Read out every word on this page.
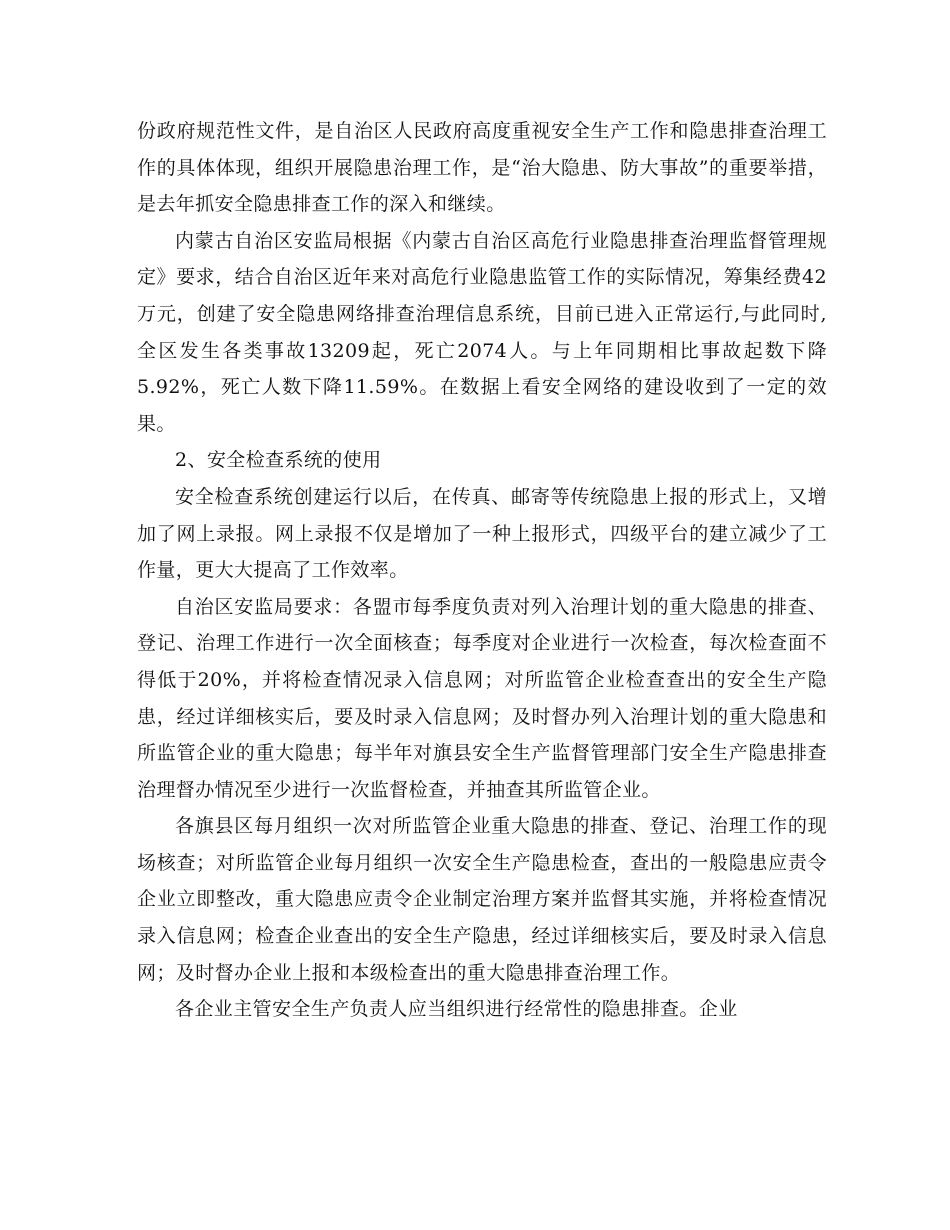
份政府规范性文件，是自治区人民政府高度重视安全生产工作和隐患排查治理工作的具体体现，组织开展隐患治理工作，是“治大隐患、防大事故”的重要举措，是去年抓安全隐患排查工作的深入和继续。

内蒙古自治区安监局根据《内蒙古自治区高危行业隐患排查治理监督管理规定》要求，结合自治区近年来对高危行业隐患监管工作的实际情况，筹集经费42万元，创建了安全隐患网络排查治理信息系统，目前已进入正常运行,与此同时,全区发生各类事故13209起，死亡2074人。与上年同期相比事故起数下降5.92%，死亡人数下降11.59%。在数据上看安全网络的建设收到了一定的效果。

2、安全检查系统的使用

安全检查系统创建运行以后，在传真、邮寄等传统隐患上报的形式上，又增加了网上录报。网上录报不仅是增加了一种上报形式，四级平台的建立减少了工作量，更大大提高了工作效率。

自治区安监局要求：各盟市每季度负责对列入治理计划的重大隐患的排查、登记、治理工作进行一次全面核查；每季度对企业进行一次检查，每次检查面不得低于20%，并将检查情况录入信息网；对所监管企业检查查出的安全生产隐患，经过详细核实后，要及时录入信息网；及时督办列入治理计划的重大隐患和所监管企业的重大隐患；每半年对旗县安全生产监督管理部门安全生产隐患排查治理督办情况至少进行一次监督检查，并抽查其所监管企业。

各旗县区每月组织一次对所监管企业重大隐患的排查、登记、治理工作的现场核查；对所监管企业每月组织一次安全生产隐患检查，查出的一般隐患应责令企业立即整改，重大隐患应责令企业制定治理方案并监督其实施，并将检查情况录入信息网；检查企业查出的安全生产隐患，经过详细核实后，要及时录入信息网；及时督办企业上报和本级检查出的重大隐患排查治理工作。

各企业主管安全生产负责人应当组织进行经常性的隐患排查。企业
